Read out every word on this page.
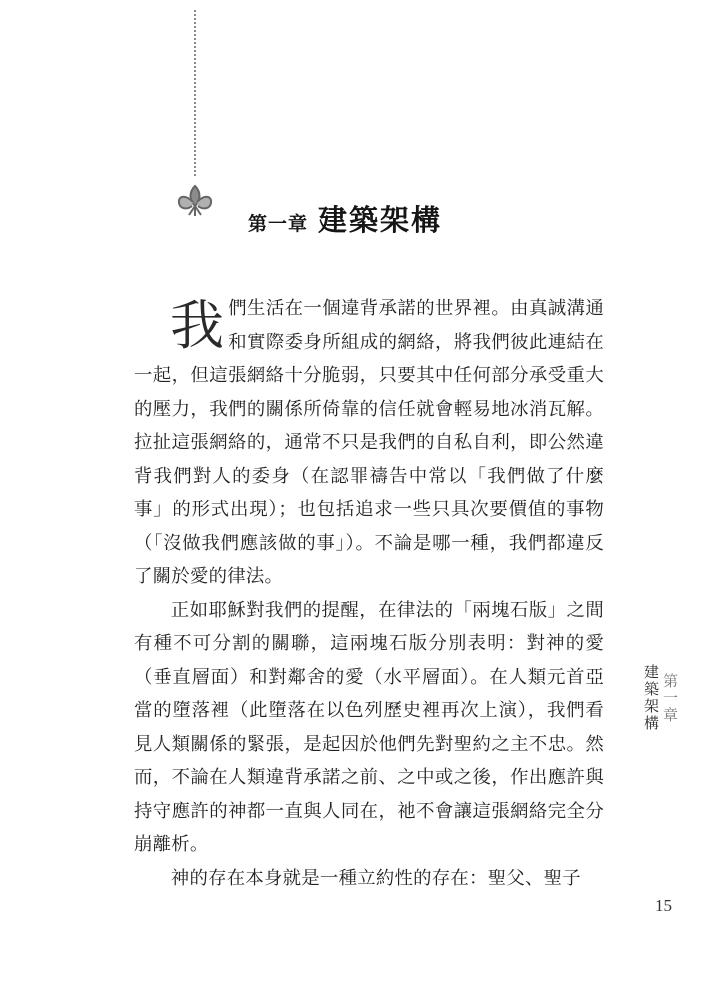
第一章 建築架構

我們生活在一個違背承諾的世界裡。由真誠溝通和實際委身所組成的網絡，將我們彼此連結在一起，但這張網絡十分脆弱，只要其中任何部分承受重大的壓力，我們的關係所倚靠的信任就會輕易地冰消瓦解。拉扯這張網絡的，通常不只是我們的自私自利，即公然違背我們對人的委身（在認罪禱告中常以「我們做了什麼事」的形式出現）；也包括追求一些只具次要價值的事物（「沒做我們應該做的事」）。不論是哪一種，我們都違反了關於愛的律法。

正如耶穌對我們的提醒，在律法的「兩塊石版」之間有種不可分割的關聯，這兩塊石版分別表明：對神的愛（垂直層面）和對鄰舍的愛（水平層面）。在人類元首亞當的墮落裡（此墮落在以色列歷史裡再次上演），我們看見人類關係的緊張，是起因於他們先對聖約之主不忠。然而，不論在人類違背承諾之前、之中或之後，作出應許與持守應許的神都一直與人同在，祂不會讓這張網絡完全分崩離析。

神的存在本身就是一種立約性的存在：聖父、聖子

第一章
建築架構
15
